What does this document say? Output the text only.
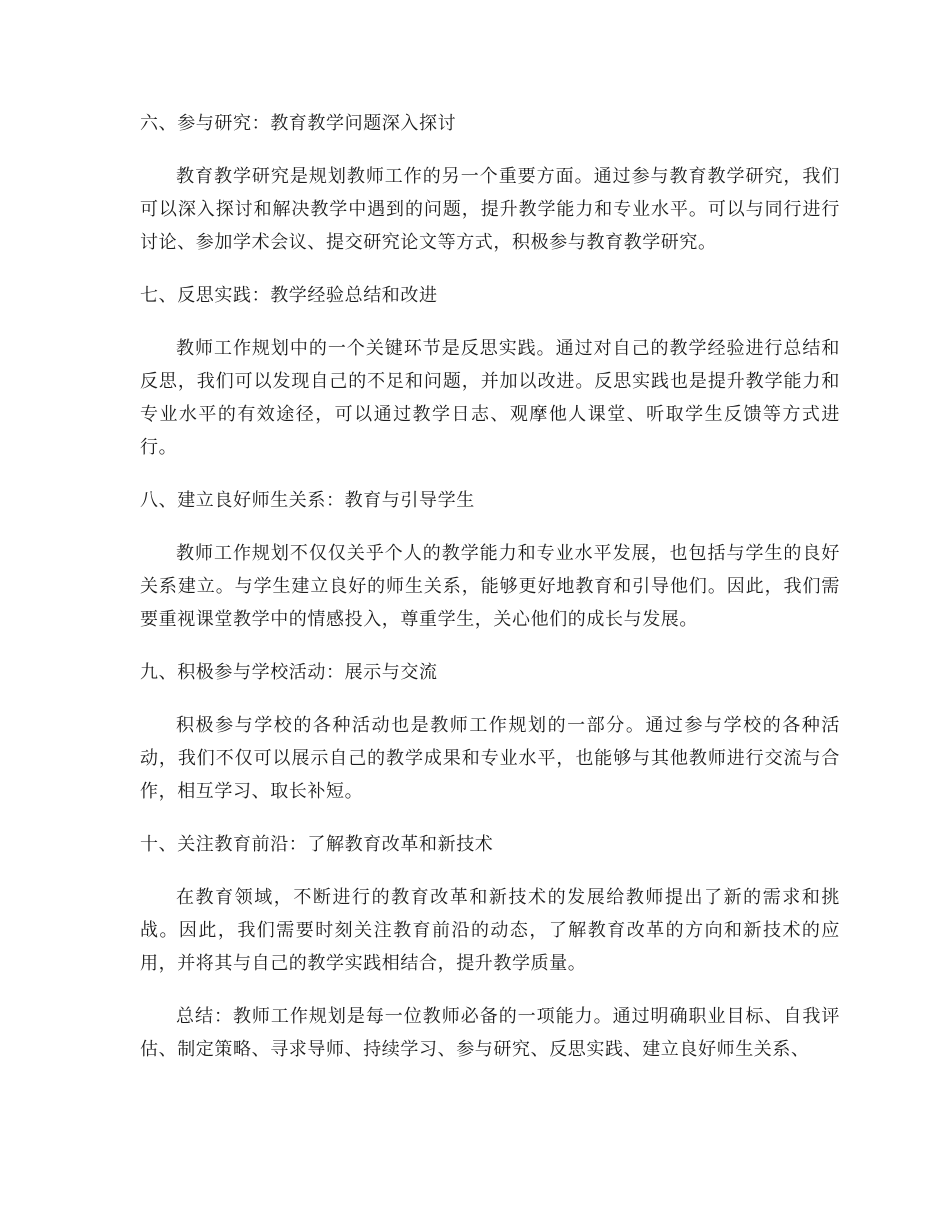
六、参与研究：教育教学问题深入探讨
教育教学研究是规划教师工作的另一个重要方面。通过参与教育教学研究，我们可以深入探讨和解决教学中遇到的问题，提升教学能力和专业水平。可以与同行进行讨论、参加学术会议、提交研究论文等方式，积极参与教育教学研究。
七、反思实践：教学经验总结和改进
教师工作规划中的一个关键环节是反思实践。通过对自己的教学经验进行总结和反思，我们可以发现自己的不足和问题，并加以改进。反思实践也是提升教学能力和专业水平的有效途径，可以通过教学日志、观摩他人课堂、听取学生反馈等方式进行。
八、建立良好师生关系：教育与引导学生
教师工作规划不仅仅关乎个人的教学能力和专业水平发展，也包括与学生的良好关系建立。与学生建立良好的师生关系，能够更好地教育和引导他们。因此，我们需要重视课堂教学中的情感投入，尊重学生，关心他们的成长与发展。
九、积极参与学校活动：展示与交流
积极参与学校的各种活动也是教师工作规划的一部分。通过参与学校的各种活动，我们不仅可以展示自己的教学成果和专业水平，也能够与其他教师进行交流与合作，相互学习、取长补短。
十、关注教育前沿：了解教育改革和新技术
在教育领域，不断进行的教育改革和新技术的发展给教师提出了新的需求和挑战。因此，我们需要时刻关注教育前沿的动态，了解教育改革的方向和新技术的应用，并将其与自己的教学实践相结合，提升教学质量。
总结：教师工作规划是每一位教师必备的一项能力。通过明确职业目标、自我评估、制定策略、寻求导师、持续学习、参与研究、反思实践、建立良好师生关系、
